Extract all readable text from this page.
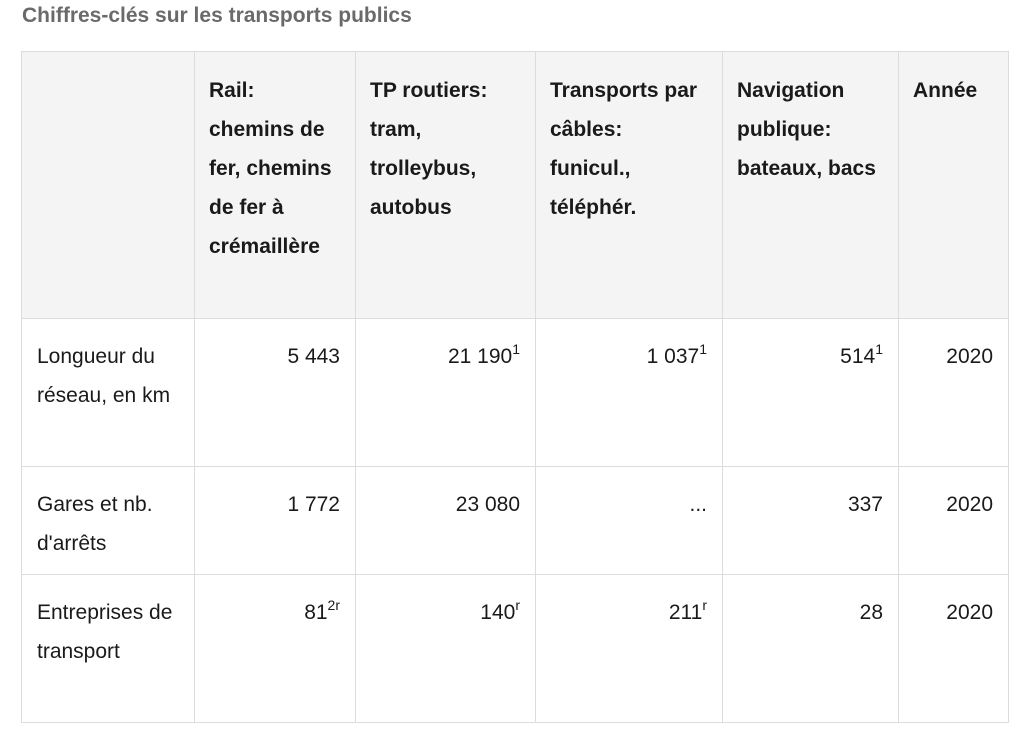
Chiffres-clés sur les transports publics
	Rail: chemins de fer, chemins de fer à crémaillère	TP routiers: tram, trolleybus, autobus	Transports par câbles: funicul., téléphér.	Navigation publique: bateaux, bacs	Année
Longueur du réseau, en km	5 443	21 $190^1$	1 $037^1$	$514^1$	2020
Gares et nb. d'arrêts	1 772	23 080	...	337	2020
Entreprises de transport	$81^{2r}$	140$^r$	211$^r$	28	2020
